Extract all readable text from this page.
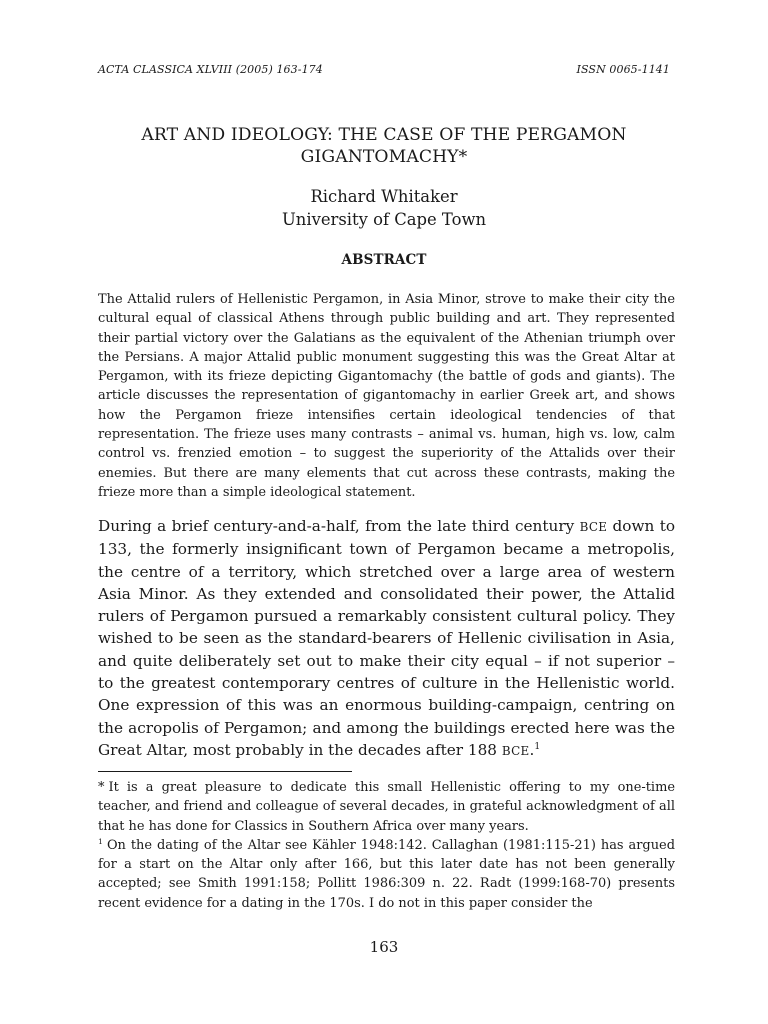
ACTA CLASSICA XLVIII (2005) 163-174	ISSN 0065-1141
ART AND IDEOLOGY: THE CASE OF THE PERGAMON
GIGANTOMACHY*
Richard Whitaker
University of Cape Town
ABSTRACT

The Attalid rulers of Hellenistic Pergamon, in Asia Minor, strove to make their city the cultural equal of classical Athens through public building and art. They represented their partial victory over the Galatians as the equivalent of the Athenian triumph over the Persians. A major Attalid public monument suggesting this was the Great Altar at Pergamon, with its frieze depicting Gigantomachy (the battle of gods and giants). The article discusses the representation of gigantomachy in earlier Greek art, and shows how the Pergamon frieze intensifies certain ideological tendencies of that representation. The frieze uses many contrasts – animal vs. human, high vs. low, calm control vs. frenzied emotion – to suggest the superiority of the Attalids over their enemies. But there are many elements that cut across these contrasts, making the frieze more than a simple ideological statement.

During a brief century-and-a-half, from the late third century BCE down to 133, the formerly insignificant town of Pergamon became a metropolis, the centre of a territory, which stretched over a large area of western Asia Minor. As they extended and consolidated their power, the Attalid rulers of Pergamon pursued a remarkably consistent cultural policy. They wished to be seen as the standard-bearers of Hellenic civilisation in Asia, and quite deliberately set out to make their city equal – if not superior – to the greatest contemporary centres of culture in the Hellenistic world. One expression of this was an enormous building-campaign, centring on the acropolis of Pergamon; and among the buildings erected here was the Great Altar, most probably in the decades after 188 BCE.$^1$

* It is a great pleasure to dedicate this small Hellenistic offering to my one-time teacher, and friend and colleague of several decades, in grateful acknowledgment of all that he has done for Classics in Southern Africa over many years.

$^1$ On the dating of the Altar see Kähler 1948:142. Callaghan (1981:115-21) has argued for a start on the Altar only after 166, but this later date has not been generally accepted; see Smith 1991:158; Pollitt 1986:309 n. 22. Radt (1999:168-70) presents recent evidence for a dating in the 170s. I do not in this paper consider the

163
